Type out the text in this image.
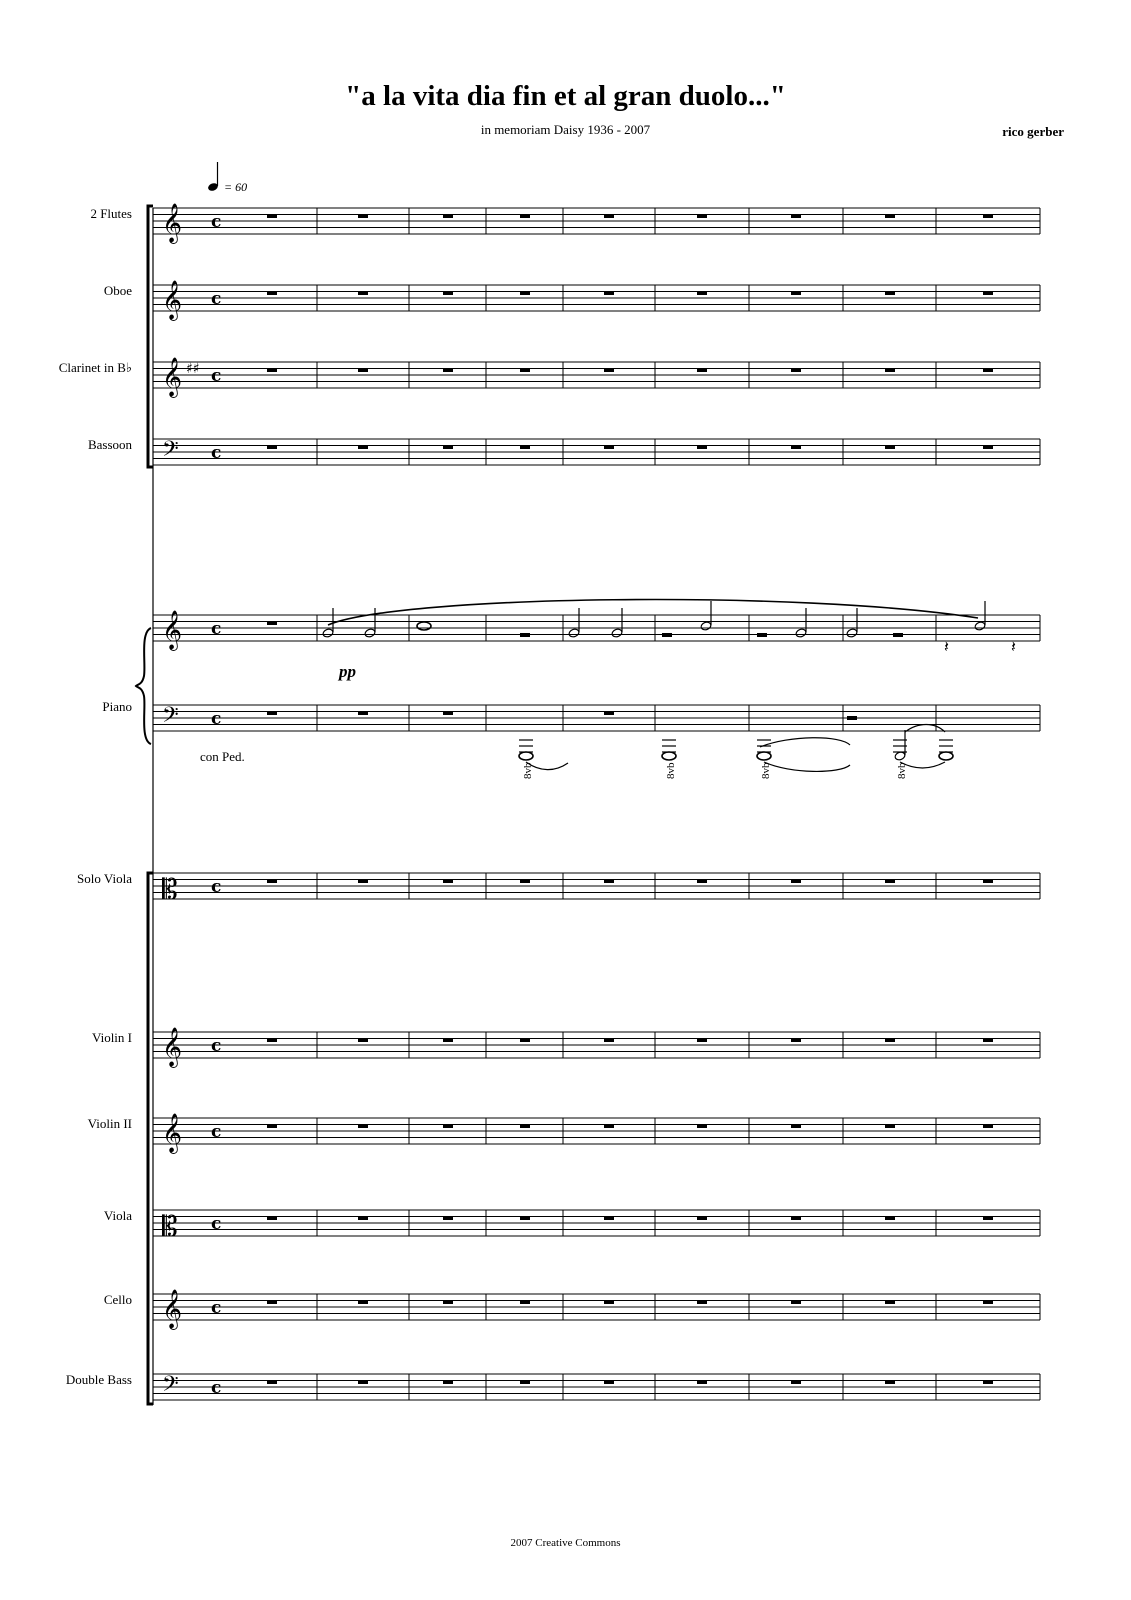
"a la vita dia fin et al gran duolo..."
in memoriam Daisy 1936 - 2007	rico gerber
= 60
𝄞 c
𝄞 c
𝄞 ♯♯ c
𝄢 c
𝄞 c
𝄢 c
𝄡 c
𝄞 c
𝄞 c
𝄡 c
𝄞 c
𝄢 c
2 Flutes
Oboe
Clarinet in B♭
Bassoon
Piano
Solo Viola
Violin I
Violin II
Viola
Cello
Double Bass
𝄽	𝄽
pp
8vb	8vb	8vb	8vb
con Ped.
2007 Creative Commons
